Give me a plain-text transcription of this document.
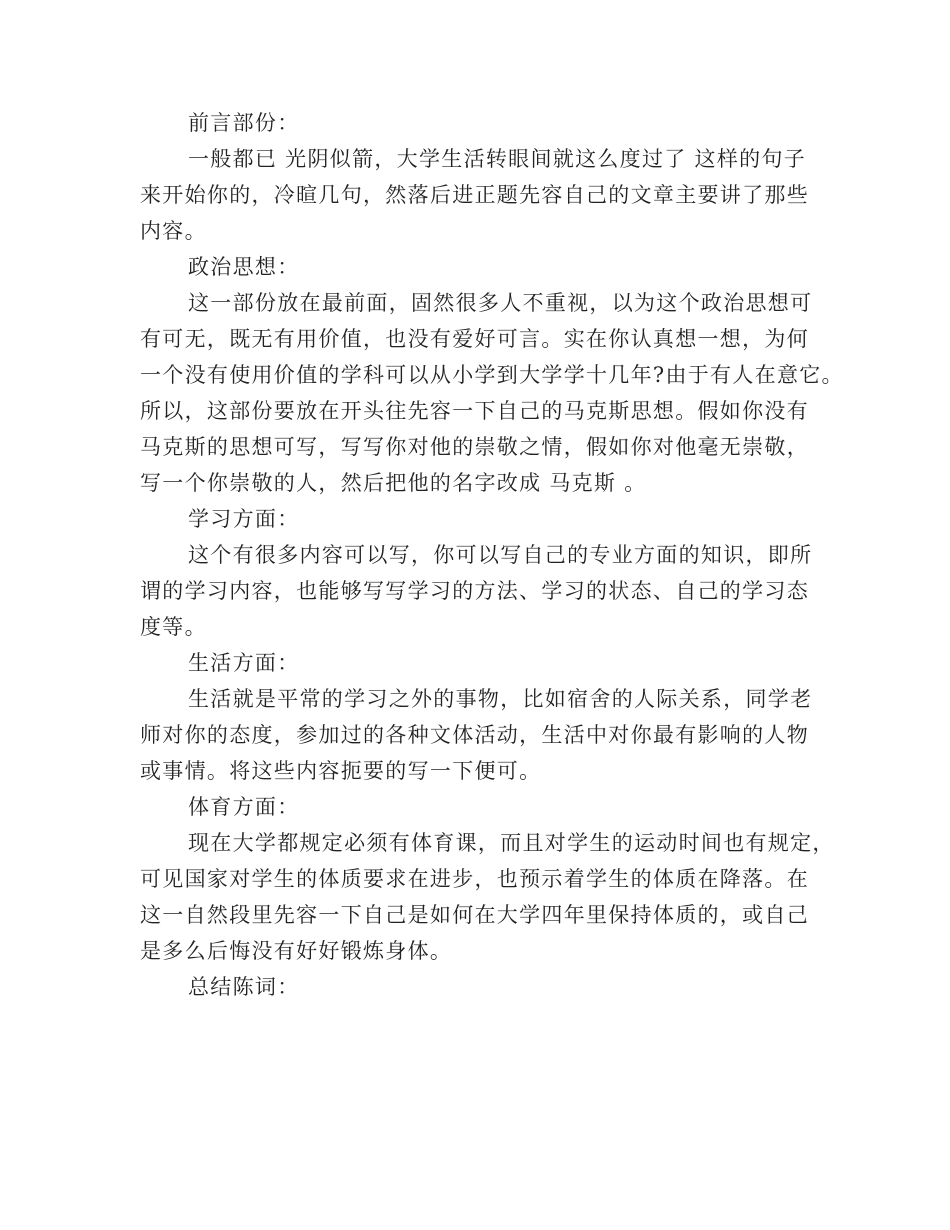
前言部份：
一般都已 光阴似箭，大学生活转眼间就这么度过了 这样的句子
来开始你的，冷暄几句，然落后进正题先容自己的文章主要讲了那些
内容。
政治思想：
这一部份放在最前面，固然很多人不重视，以为这个政治思想可
有可无，既无有用价值，也没有爱好可言。实在你认真想一想，为何
一个没有使用价值的学科可以从小学到大学学十几年?由于有人在意它。
所以，这部份要放在开头往先容一下自己的马克斯思想。假如你没有
马克斯的思想可写，写写你对他的崇敬之情，假如你对他毫无崇敬，
写一个你崇敬的人，然后把他的名字改成 马克斯 。
学习方面：
这个有很多内容可以写，你可以写自己的专业方面的知识，即所
谓的学习内容，也能够写写学习的方法、学习的状态、自己的学习态
度等。
生活方面：
生活就是平常的学习之外的事物，比如宿舍的人际关系，同学老
师对你的态度，参加过的各种文体活动，生活中对你最有影响的人物
或事情。将这些内容扼要的写一下便可。
体育方面：
现在大学都规定必须有体育课，而且对学生的运动时间也有规定，
可见国家对学生的体质要求在进步，也预示着学生的体质在降落。在
这一自然段里先容一下自己是如何在大学四年里保持体质的，或自己
是多么后悔没有好好锻炼身体。
总结陈词：
